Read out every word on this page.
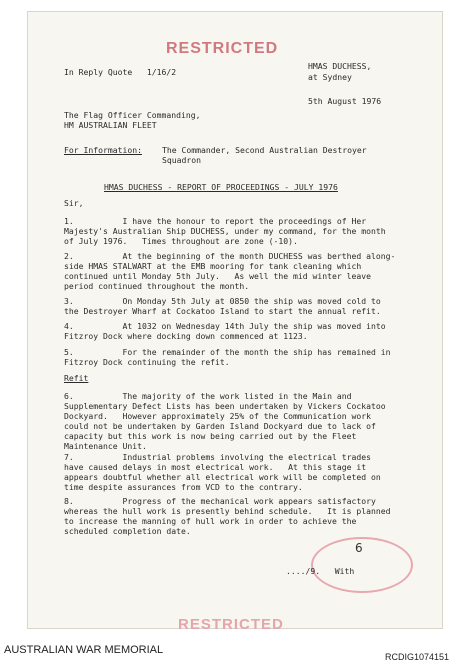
RESTRICTED
In Reply Quote   1/16/2
HMAS DUCHESS,
at Sydney
5th August 1976
The Flag Officer Commanding,
HM AUSTRALIAN FLEET
For Information: The Commander, Second Australian Destroyer
Squadron
HMAS DUCHESS - REPORT OF PROCEEDINGS - JULY 1976
Sir,
1.          I have the honour to report the proceedings of Her
Majesty's Australian Ship DUCHESS, under my command, for the month
of July 1976.   Times throughout are zone (-10).
2.          At the beginning of the month DUCHESS was berthed along-
side HMAS STALWART at the EMB mooring for tank cleaning which
continued until Monday 5th July.   As well the mid winter leave
period continued throughout the month.
3.          On Monday 5th July at 0850 the ship was moved cold to
the Destroyer Wharf at Cockatoo Island to start the annual refit.
4.          At 1032 on Wednesday 14th July the ship was moved into
Fitzroy Dock where docking down commenced at 1123.
5.          For the remainder of the month the ship has remained in
Fitzroy Dock continuing the refit.
Refit
6.          The majority of the work listed in the Main and
Supplementary Defect Lists has been undertaken by Vickers Cockatoo
Dockyard.   However approximately 25% of the Communication work
could not be undertaken by Garden Island Dockyard due to lack of
capacity but this work is now being carried out by the Fleet
Maintenance Unit.
7.          Industrial problems involving the electrical trades
have caused delays in most electrical work.   At this stage it
appears doubtful whether all electrical work will be completed on
time despite assurances from VCD to the contrary.
8.          Progress of the mechanical work appears satisfactory
whereas the hull work is presently behind schedule.   It is planned
to increase the manning of hull work in order to achieve the
scheduled completion date.
6
..../9.   With
RESTRICTED
AUSTRALIAN WAR MEMORIAL
RCDIG1074151
